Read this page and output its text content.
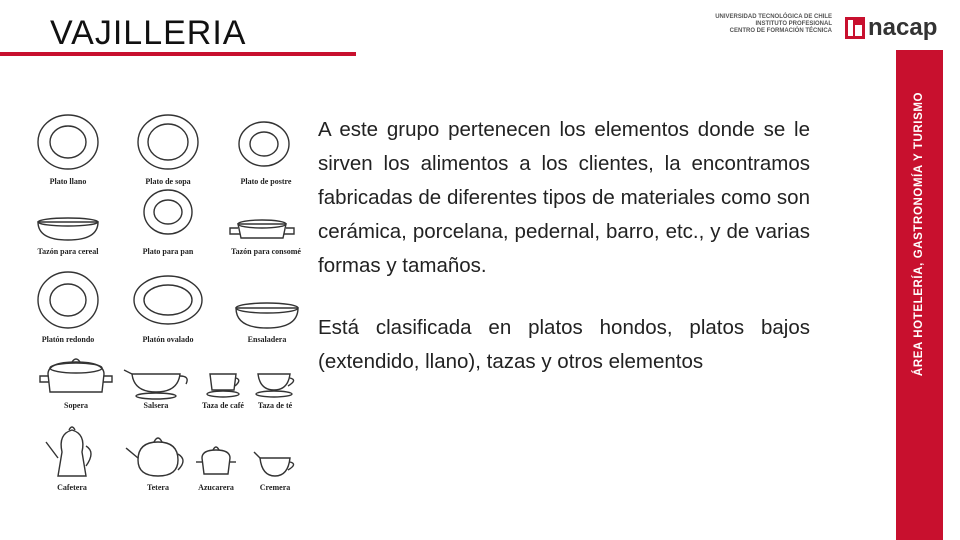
VAJILLERIA	UNIVERSIDAD TECNOLÓGICA DE CHILE
INSTITUTO PROFESIONAL
CENTRO DE FORMACIÓN TÉCNICA nacap
ÁREA HOTELERÍA, GASTRONOMÍA Y TURISMO

A este grupo pertenecen los elementos donde se le sirven los alimentos a los clientes, la encontramos fabricadas de diferentes tipos de materiales como son cerámica, porcelana, pedernal, barro, etc., y de varias formas y tamaños.

Está clasificada en platos hondos, platos bajos (extendido, llano), tazas y otros elementos

Plato llano	Plato de sopa	Plato de postre
Tazón para cereal	Plato para pan	Tazón para consomé
Platón redondo	Platón ovalado	Ensaladera
Sopera	Salsera	Taza de café Taza de té
Cafetera	Tetera	Azucarera	Cremera
